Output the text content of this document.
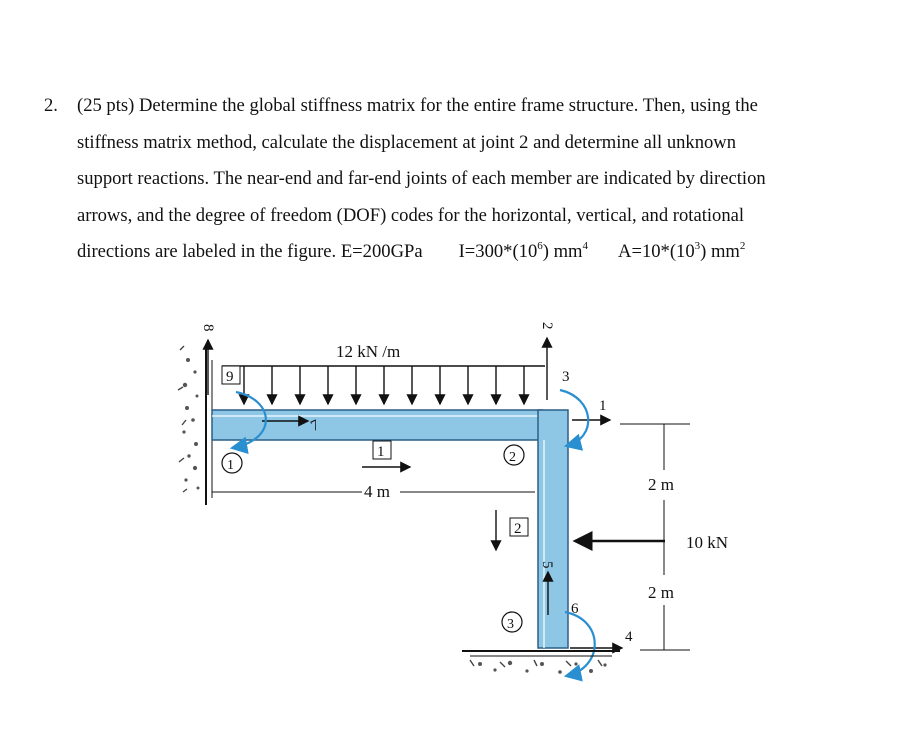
2. (25 pts) Determine the global stiffness matrix for the entire frame structure. Then, using the
stiffness matrix method, calculate the displacement at joint 2 and determine all unknown
support reactions. The near-end and far-end joints of each member are indicated by direction
arrows, and the degree of freedom (DOF) codes for the horizontal, vertical, and rotational
directions are labeled in the figure. E=200GPa $I=300*(10^6)$ $mm^4$ $A=10*(10^3)$ $mm^2$
12 kN /m
8
9
7
1
1
4 m
2
2
3
1
2
10 kN
2 m
2 m
5
6
4
3
